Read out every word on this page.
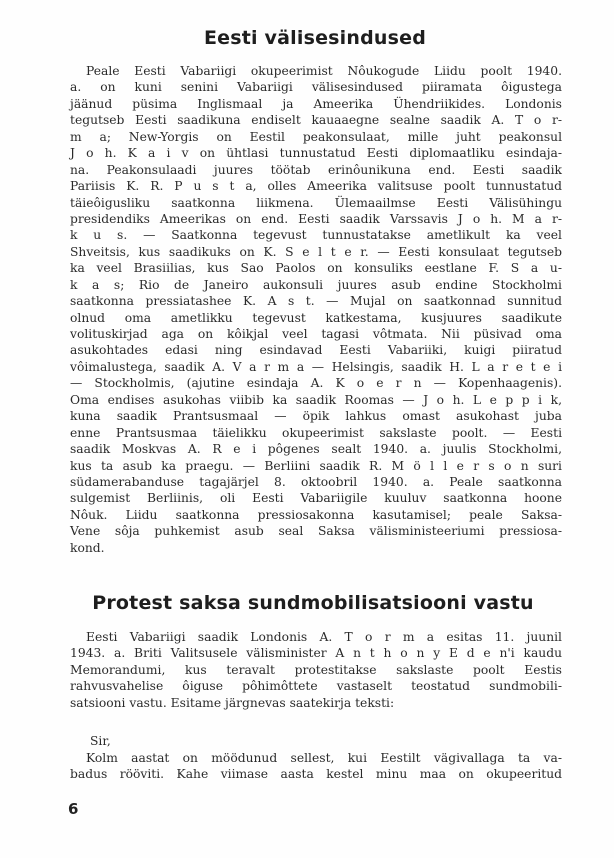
Eesti välisesindused
Peale Eesti Vabariigi okupeerimist Nôukogude Liidu poolt 1940.
a. on kuni senini Vabariigi välisesindused piiramata ôigustega
jäänud püsima Inglismaal ja Ameerika Ühendriikides. Londonis
tegutseb Eesti saadikuna endiselt kauaaegne sealne saadik A. T o r-
m a; New-Yorgis on Eestil peakonsulaat, mille juht peakonsul
J o h. K a i v on ühtlasi tunnustatud Eesti diplomaatliku esindaja-
na. Peakonsulaadi juures töötab erinôunikuna end. Eesti saadik
Pariisis K. R. P u s t a, olles Ameerika valitsuse poolt tunnustatud
täieôigusliku saatkonna liikmena. Ülemaailmse Eesti Välisühingu
presidendiks Ameerikas on end. Eesti saadik Varssavis J o h. M a r-
k u s. — Saatkonna tegevust tunnustatakse ametlikult ka veel
Shveitsis, kus saadikuks on K. S e l t e r. — Eesti konsulaat tegutseb
ka veel Brasiilias, kus Sao Paolos on konsuliks eestlane F. S a u-
k a s; Rio de Janeiro aukonsuli juures asub endine Stockholmi
saatkonna pressiatashee K. A s t. — Mujal on saatkonnad sunnitud
olnud oma ametlikku tegevust katkestama, kusjuures saadikute
volituskirjad aga on kôikjal veel tagasi vôtmata. Nii püsivad oma
asukohtades edasi ning esindavad Eesti Vabariiki, kuigi piiratud
vôimalustega, saadik A. V a r m a — Helsingis, saadik H. L a r e t e i
— Stockholmis, (ajutine esindaja A. K o e r n — Kopenhaagenis).
Oma endises asukohas viibib ka saadik Roomas — J o h. L e p p i k,
kuna saadik Prantsusmaal — öpik lahkus omast asukohast juba
enne Prantsusmaa täielikku okupeerimist sakslaste poolt. — Eesti
saadik Moskvas A. R e i pôgenes sealt 1940. a. juulis Stockholmi,
kus ta asub ka praegu. — Berliini saadik R. M ö l l e r s o n suri
südamerabanduse tagajärjel 8. oktoobril 1940. a. Peale saatkonna
sulgemist Berliinis, oli Eesti Vabariigile kuuluv saatkonna hoone
Nôuk. Liidu saatkonna pressiosakonna kasutamisel; peale Saksa-
Vene sôja puhkemist asub seal Saksa välisministeeriumi pressiosa-
kond.
Protest saksa sundmobilisatsiooni vastu
Eesti Vabariigi saadik Londonis A. T o r m a esitas 11. juunil
1943. a. Briti Valitsusele välisminister A n t h o n y E d e n'i kaudu
Memorandumi, kus teravalt protestitakse sakslaste poolt Eestis
rahvusvahelise ôiguse pôhimôttete vastaselt teostatud sundmobili-
satsiooni vastu. Esitame järgnevas saatekirja teksti:
Sir,
Kolm aastat on möödunud sellest, kui Eestilt vägivallaga ta va-
badus rööviti. Kahe viimase aasta kestel minu maa on okupeeritud
6
